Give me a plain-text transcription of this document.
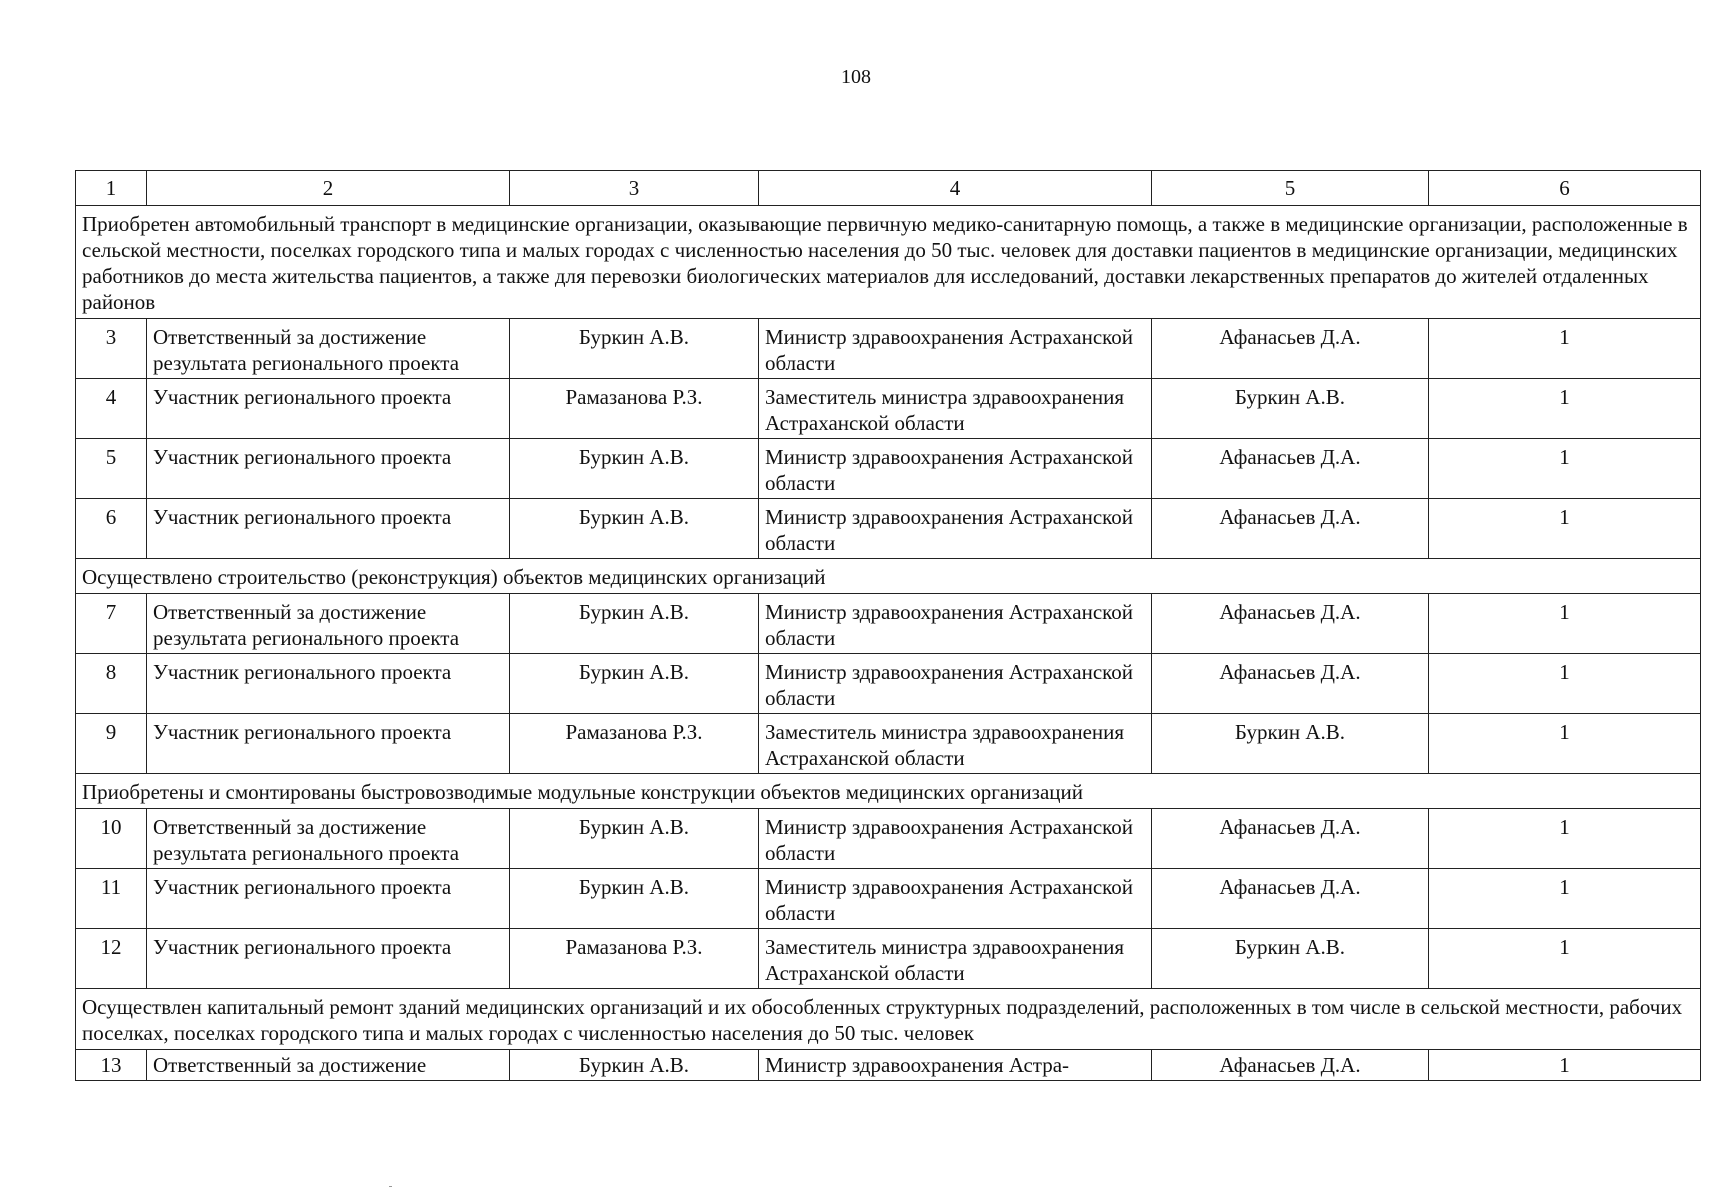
108
1	2	3	4	5	6
Приобретен автомобильный транспорт в медицинские организации, оказывающие первичную медико-санитарную помощь, а также в медицинские организации, расположенные в сельской местности, поселках городского типа и малых городах с численностью населения до 50 тыс. человек для доставки пациентов в медицинские организации, медицинских работников до места жительства пациентов, а также для перевозки биологических материалов для исследований, доставки лекарственных препаратов до жителей отдаленных районов					
3	Ответственный за достижение результата регионального проекта	Буркин А.В.	Министр здравоохранения Астраханской области	Афанасьев Д.А.	1
4	Участник регионального проекта	Рамазанова Р.З.	Заместитель министра здравоохранения Астраханской области	Буркин А.В.	1
5	Участник регионального проекта	Буркин А.В.	Министр здравоохранения Астраханской области	Афанасьев Д.А.	1
6	Участник регионального проекта	Буркин А.В.	Министр здравоохранения Астраханской области	Афанасьев Д.А.	1
Осуществлено строительство (реконструкция) объектов медицинских организаций					
7	Ответственный за достижение результата регионального проекта	Буркин А.В.	Министр здравоохранения Астраханской области	Афанасьев Д.А.	1
8	Участник регионального проекта	Буркин А.В.	Министр здравоохранения Астраханской области	Афанасьев Д.А.	1
9	Участник регионального проекта	Рамазанова Р.З.	Заместитель министра здравоохранения Астраханской области	Буркин А.В.	1
Приобретены и смонтированы быстровозводимые модульные конструкции объектов медицинских организаций					
10	Ответственный за достижение результата регионального проекта	Буркин А.В.	Министр здравоохранения Астраханской области	Афанасьев Д.А.	1
11	Участник регионального проекта	Буркин А.В.	Министр здравоохранения Астраханской области	Афанасьев Д.А.	1
12	Участник регионального проекта	Рамазанова Р.З.	Заместитель министра здравоохранения Астраханской области	Буркин А.В.	1
Осуществлен капитальный ремонт зданий медицинских организаций и их обособленных структурных подразделений, расположенных в том числе в сельской местности, рабочих поселках, поселках городского типа и малых городах с численностью населения до 50 тыс. человек					
13	Ответственный за достижение	Буркин А.В.	Министр здравоохранения Астра-	Афанасьев Д.А.	1
